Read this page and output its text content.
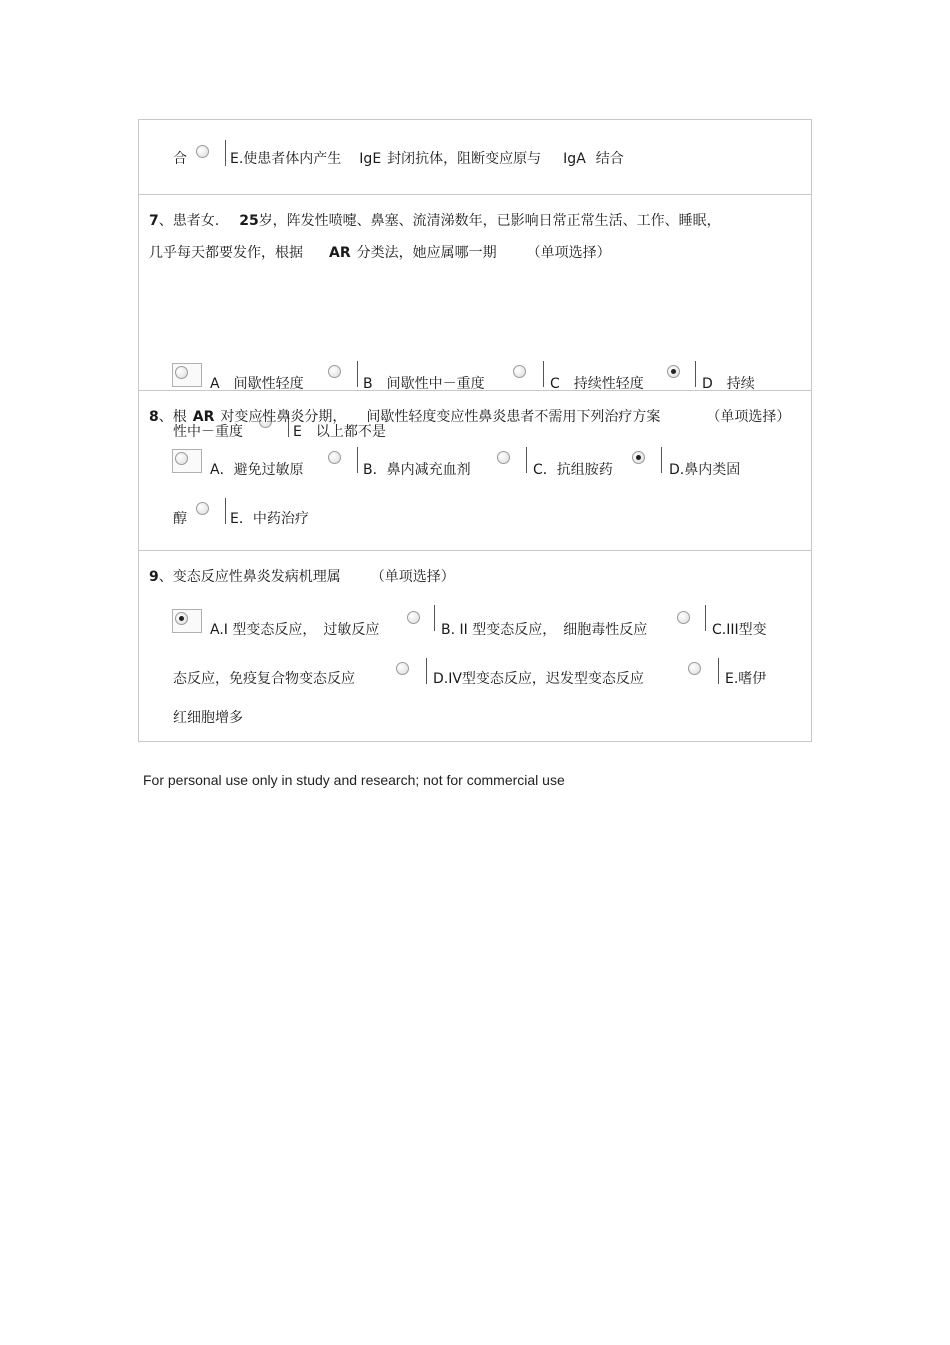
合	E.使患者体内产生 IgE 封闭抗体，阻断变应原与 IgA 结合
7、患者女. 25岁，阵发性喷嚏、鼻塞、流清涕数年，已影响日常正常生活、工作、睡眠，
几乎每天都要发作，根据 AR 分类法，她应属哪一期 （单项选择）
A　间歇性轻度	B　间歇性中－重度	C　持续性轻度	D　持续
性中－重度	E　以上都不是
8、根 AR 对变应性鼻炎分期， 间歇性轻度变应性鼻炎患者不需用下列治疗方案	（单项选择）
A．避免过敏原	B．鼻内减充血剂	C．抗组胺药	D.鼻内类固
醇	E．中药治疗
9、变态反应性鼻炎发病机理属 （单项选择）
A.I 型变态反应，　过敏反应	B. II 型变态反应，　细胞毒性反应	C.III型变
态反应，免疫复合物变态反应	D.IV型变态反应，迟发型变态反应	E.嗜伊
红细胞增多
For personal use only in study and research; not for commercial use
